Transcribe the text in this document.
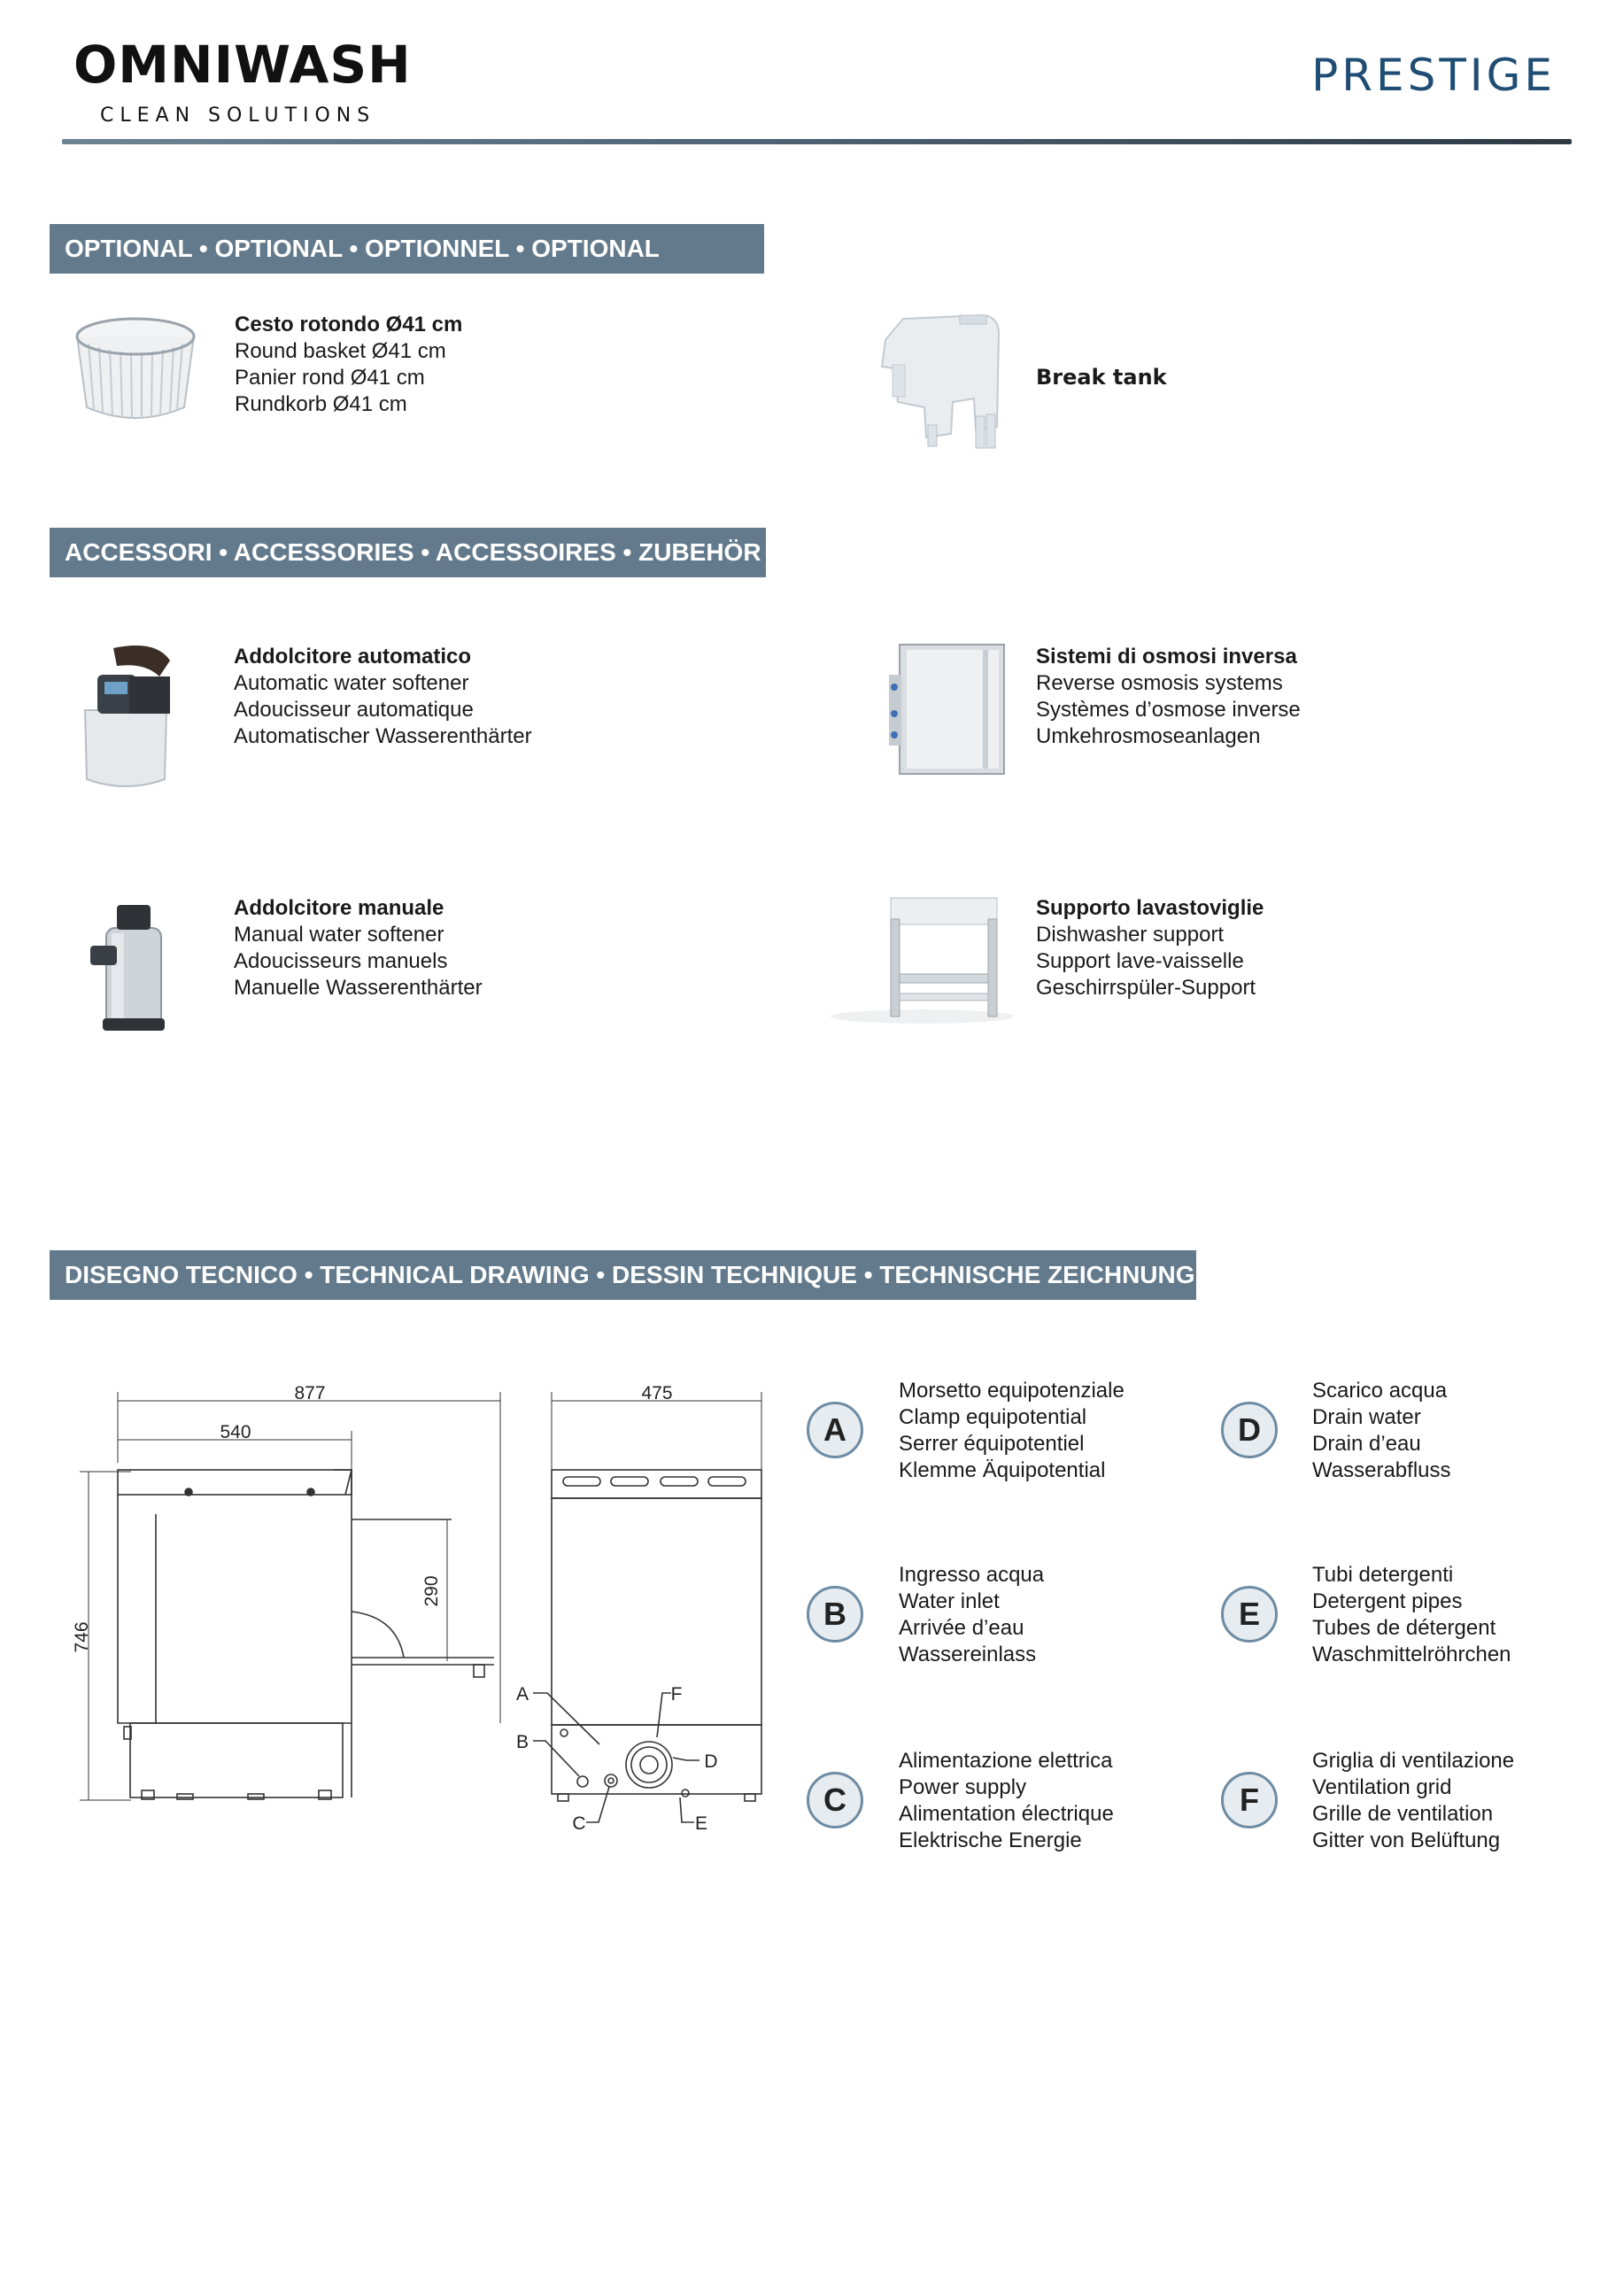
OMNIWASH
CLEAN SOLUTIONS
PRESTIGE
OPTIONAL • OPTIONAL • OPTIONNEL • OPTIONAL
Cesto rotondo Ø41 cm
Round basket Ø41 cm
Panier rond Ø41 cm
Rundkorb Ø41 cm
Break tank
ACCESSORI • ACCESSORIES • ACCESSOIRES • ZUBEHÖR
Addolcitore automatico
Automatic water softener
Adoucisseur automatique
Automatischer Wasserenthärter
Sistemi di osmosi inversa
Reverse osmosis systems
Systèmes d’osmose inverse
Umkehrosmoseanlagen
Addolcitore manuale
Manual water softener
Adoucisseurs manuels
Manuelle Wasserenthärter
Supporto lavastoviglie
Dishwasher support
Support lave-vaisselle
Geschirrspüler-Support
DISEGNO TECNICO • TECHNICAL DRAWING • DESSIN TECHNIQUE • TECHNISCHE ZEICHNUNG
877
540
746
290
475
A
B
C
D
E
F
A
Morsetto equipotenziale
Clamp equipotential
Serrer équipotentiel
Klemme Äquipotential
B
Ingresso acqua
Water inlet
Arrivée d’eau
Wassereinlass
C
Alimentazione elettrica
Power supply
Alimentation électrique
Elektrische Energie
D
Scarico acqua
Drain water
Drain d’eau
Wasserabfluss
E
Tubi detergenti
Detergent pipes
Tubes de détergent
Waschmittelröhrchen
F
Griglia di ventilazione
Ventilation grid
Grille de ventilation
Gitter von Belüftung
